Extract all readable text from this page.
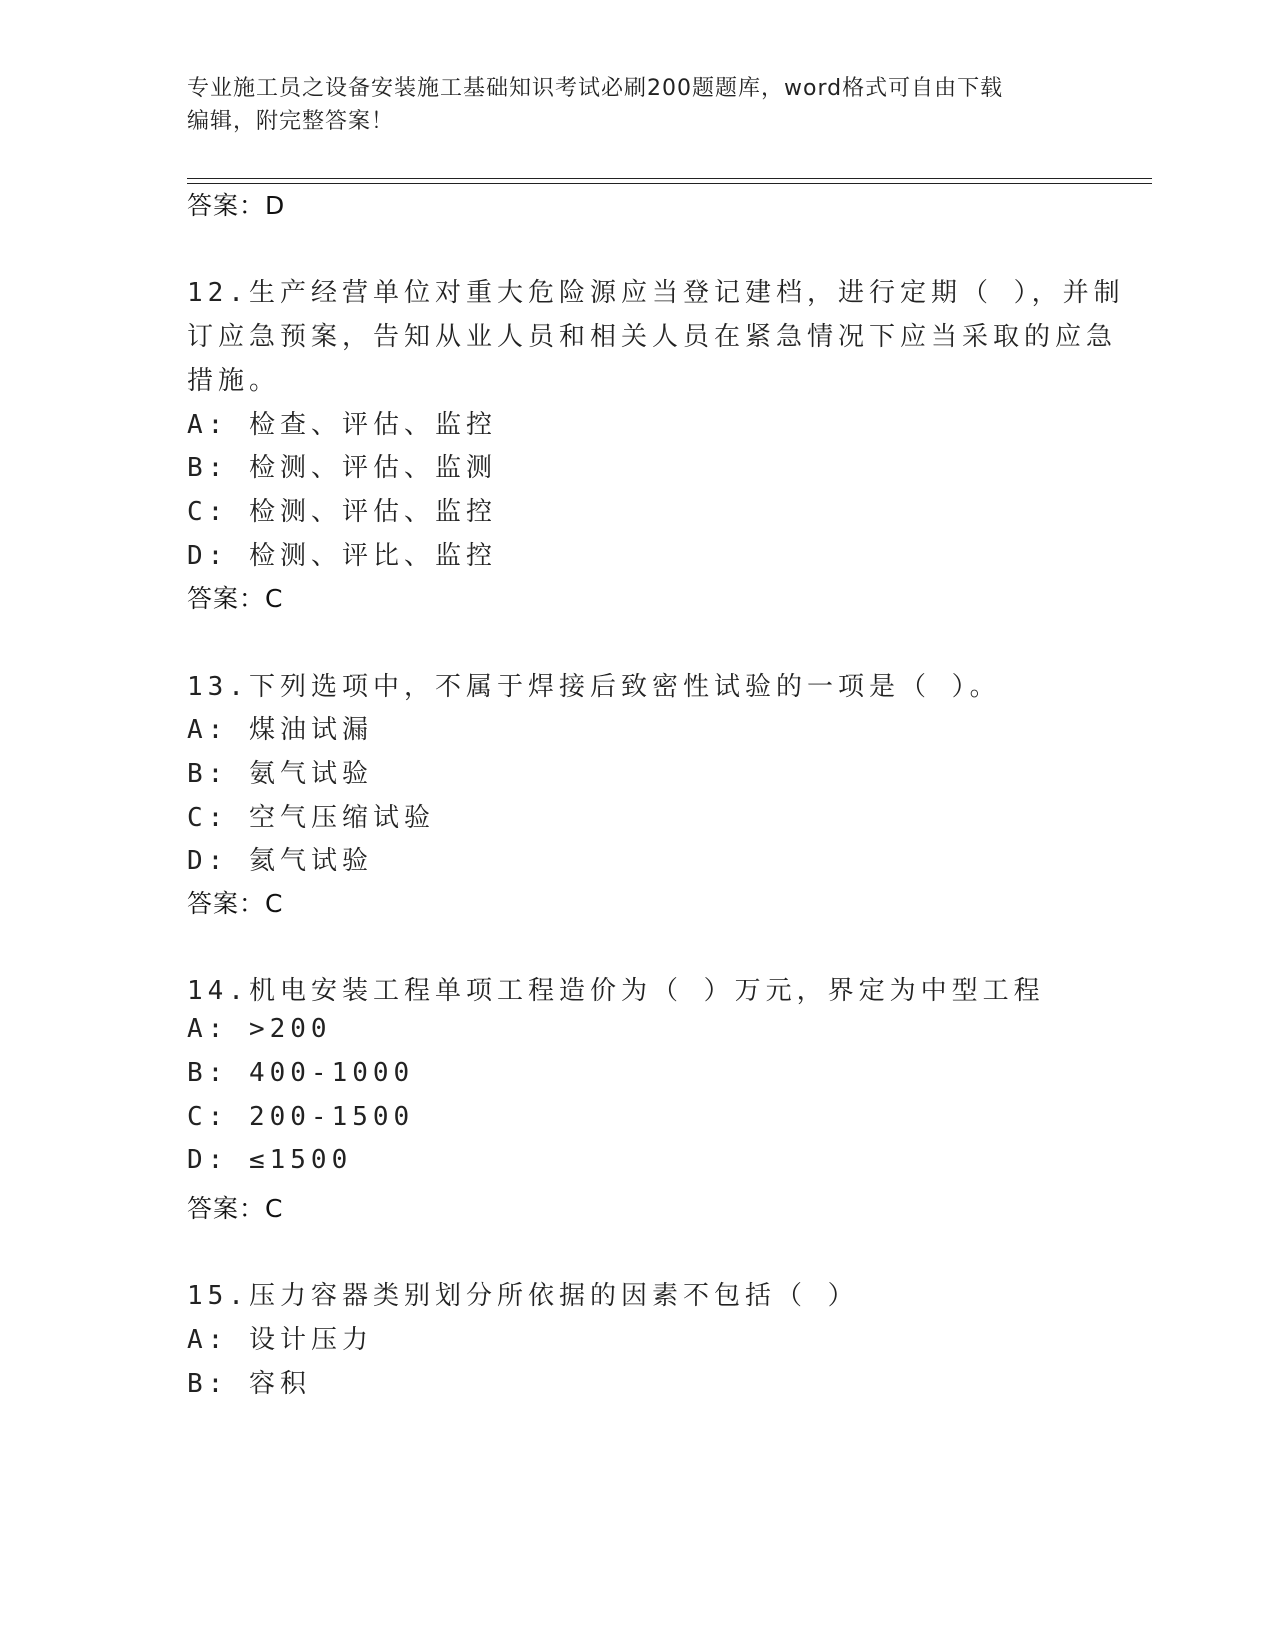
专业施工员之设备安装施工基础知识考试必刷200题题库，word格式可自由下载
编辑，附完整答案！
答案：D
12.生产经营单位对重大危险源应当登记建档，进行定期（ ），并制
订应急预案，告知从业人员和相关人员在紧急情况下应当采取的应急
措施。
A: 检查、评估、监控
B: 检测、评估、监测
C: 检测、评估、监控
D: 检测、评比、监控
答案：C
13.下列选项中，不属于焊接后致密性试验的一项是（ ）。
A: 煤油试漏
B: 氨气试验
C: 空气压缩试验
D: 氦气试验
答案：C
14.机电安装工程单项工程造价为（ ）万元，界定为中型工程
A: >200
B: 400-1000
C: 200-1500
D: ≤1500
答案：C
15.压力容器类别划分所依据的因素不包括（ ）
A: 设计压力
B: 容积
